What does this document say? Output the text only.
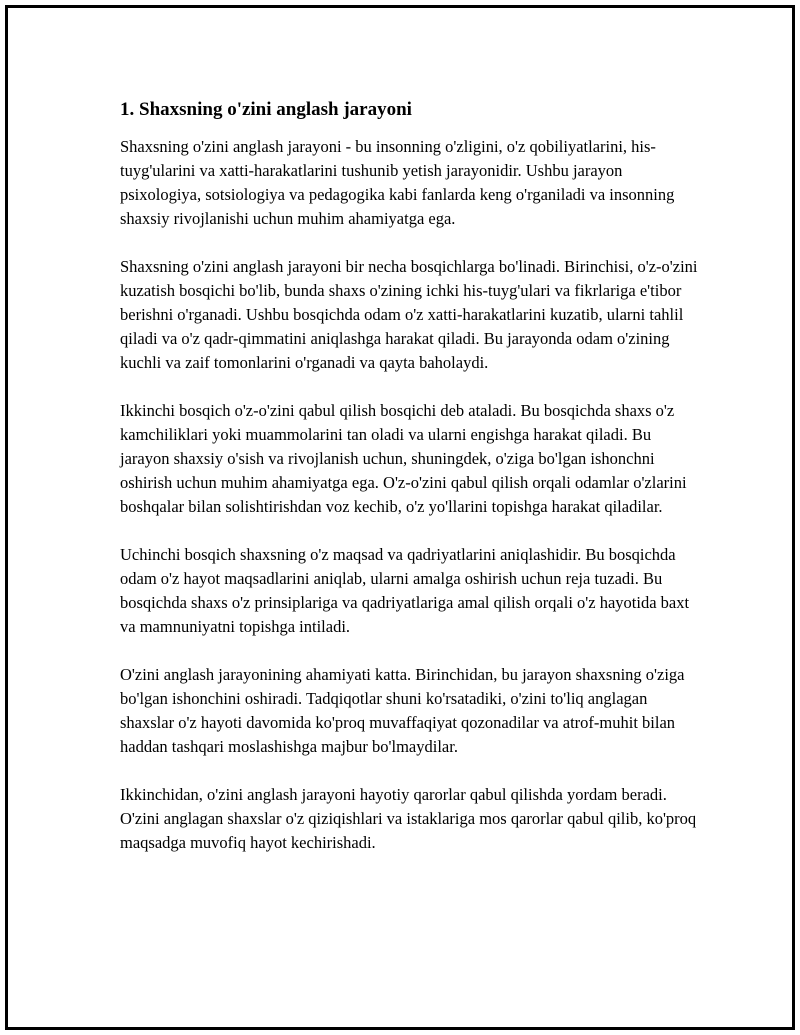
1. Shaxsning o'zini anglash jarayoni

Shaxsning o'zini anglash jarayoni - bu insonning o'zligini, o'z qobiliyatlarini, his-tuyg'ularini va xatti-harakatlarini tushunib yetish jarayonidir. Ushbu jarayon psixologiya, sotsiologiya va pedagogika kabi fanlarda keng o'rganiladi va insonning shaxsiy rivojlanishi uchun muhim ahamiyatga ega.

Shaxsning o'zini anglash jarayoni bir necha bosqichlarga bo'linadi. Birinchisi, o'z-o'zini kuzatish bosqichi bo'lib, bunda shaxs o'zining ichki his-tuyg'ulari va fikrlariga e'tibor berishni o'rganadi. Ushbu bosqichda odam o'z xatti-harakatlarini kuzatib, ularni tahlil qiladi va o'z qadr-qimmatini aniqlashga harakat qiladi. Bu jarayonda odam o'zining kuchli va zaif tomonlarini o'rganadi va qayta baholaydi.

Ikkinchi bosqich o'z-o'zini qabul qilish bosqichi deb ataladi. Bu bosqichda shaxs o'z kamchiliklari yoki muammolarini tan oladi va ularni engishga harakat qiladi. Bu jarayon shaxsiy o'sish va rivojlanish uchun, shuningdek, o'ziga bo'lgan ishonchni oshirish uchun muhim ahamiyatga ega. O'z-o'zini qabul qilish orqali odamlar o'zlarini boshqalar bilan solishtirishdan voz kechib, o'z yo'llarini topishga harakat qiladilar.

Uchinchi bosqich shaxsning o'z maqsad va qadriyatlarini aniqlashidir. Bu bosqichda odam o'z hayot maqsadlarini aniqlab, ularni amalga oshirish uchun reja tuzadi. Bu bosqichda shaxs o'z prinsiplariga va qadriyatlariga amal qilish orqali o'z hayotida baxt va mamnuniyatni topishga intiladi.

O'zini anglash jarayonining ahamiyati katta. Birinchidan, bu jarayon shaxsning o'ziga bo'lgan ishonchini oshiradi. Tadqiqotlar shuni ko'rsatadiki, o'zini to'liq anglagan shaxslar o'z hayoti davomida ko'proq muvaffaqiyat qozonadilar va atrof-muhit bilan haddan tashqari moslashishga majbur bo'lmaydilar.

Ikkinchidan, o'zini anglash jarayoni hayotiy qarorlar qabul qilishda yordam beradi. O'zini anglagan shaxslar o'z qiziqishlari va istaklariga mos qarorlar qabul qilib, ko'proq maqsadga muvofiq hayot kechirishadi.
